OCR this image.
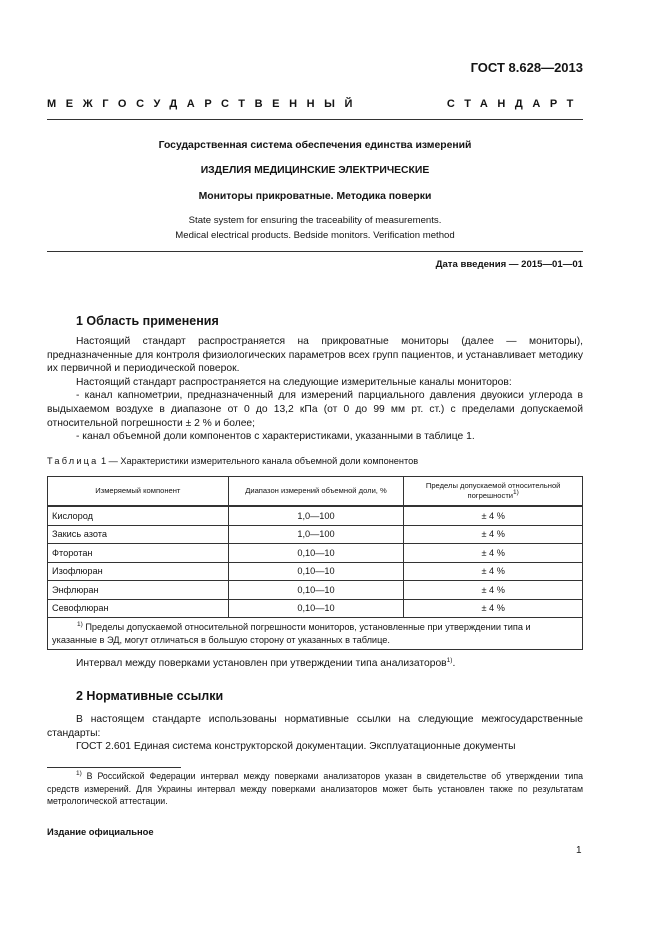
ГОСТ 8.628—2013
МЕЖГОСУДАРСТВЕННЫЙ	СТАНДАРТ
Государственная система обеспечения единства измерений
ИЗДЕЛИЯ МЕДИЦИНСКИЕ ЭЛЕКТРИЧЕСКИЕ
Мониторы прикроватные. Методика поверки
State system for ensuring the traceability of measurements.
Medical electrical products. Bedside monitors. Verification method
Дата введения — 2015—01—01
1 Область применения

Настоящий стандарт распространяется на прикроватные мониторы (далее — мониторы), предназначенные для контроля физиологических параметров всех групп пациентов, и устанавливает методику их первичной и периодической поверок.

Настоящий стандарт распространяется на следующие измерительные каналы мониторов:

- канал капнометрии, предназначенный для измерений парциального давления двуокиси углерода в выдыхаемом воздухе в диапазоне от 0 до 13,2 кПа (от 0 до 99 мм рт. ст.) с пределами допускаемой относительной погрешности ± 2 % и более;

- канал объемной доли компонентов с характеристиками, указанными в таблице 1.

Таблица 1 — Характеристики измерительного канала объемной доли компонентов
Измеряемый компонент	Диапазон измерений объемной доли, %	Пределы допускаемой относительной погрешности$^{1)}$
Кислород	1,0—100	± 4 %
Закись азота	1,0—100	± 4 %
Фторотан	0,10—10	± 4 %
Изофлюран	0,10—10	± 4 %
Энфлюран	0,10—10	± 4 %
Севофлюран	0,10—10	± 4 %
$^{1)}$ Пределы допускаемой относительной погрешности мониторов, установленные при утверждении типа и указанные в ЭД, могут отличаться в большую сторону от указанных в таблице.		
Интервал между поверками установлен при утверждении типа анализаторов$^{1)}$.
2 Нормативные ссылки

В настоящем стандарте использованы нормативные ссылки на следующие межгосударственные стандарты:

ГОСТ 2.601 Единая система конструкторской документации. Эксплуатационные документы

$^{1)}$ В Российской Федерации интервал между поверками анализаторов указан в свидетельстве об утверждении типа средств измерений. Для Украины интервал между поверками анализаторов может быть установлен также по результатам метрологической аттестации.

Издание официальное
1
